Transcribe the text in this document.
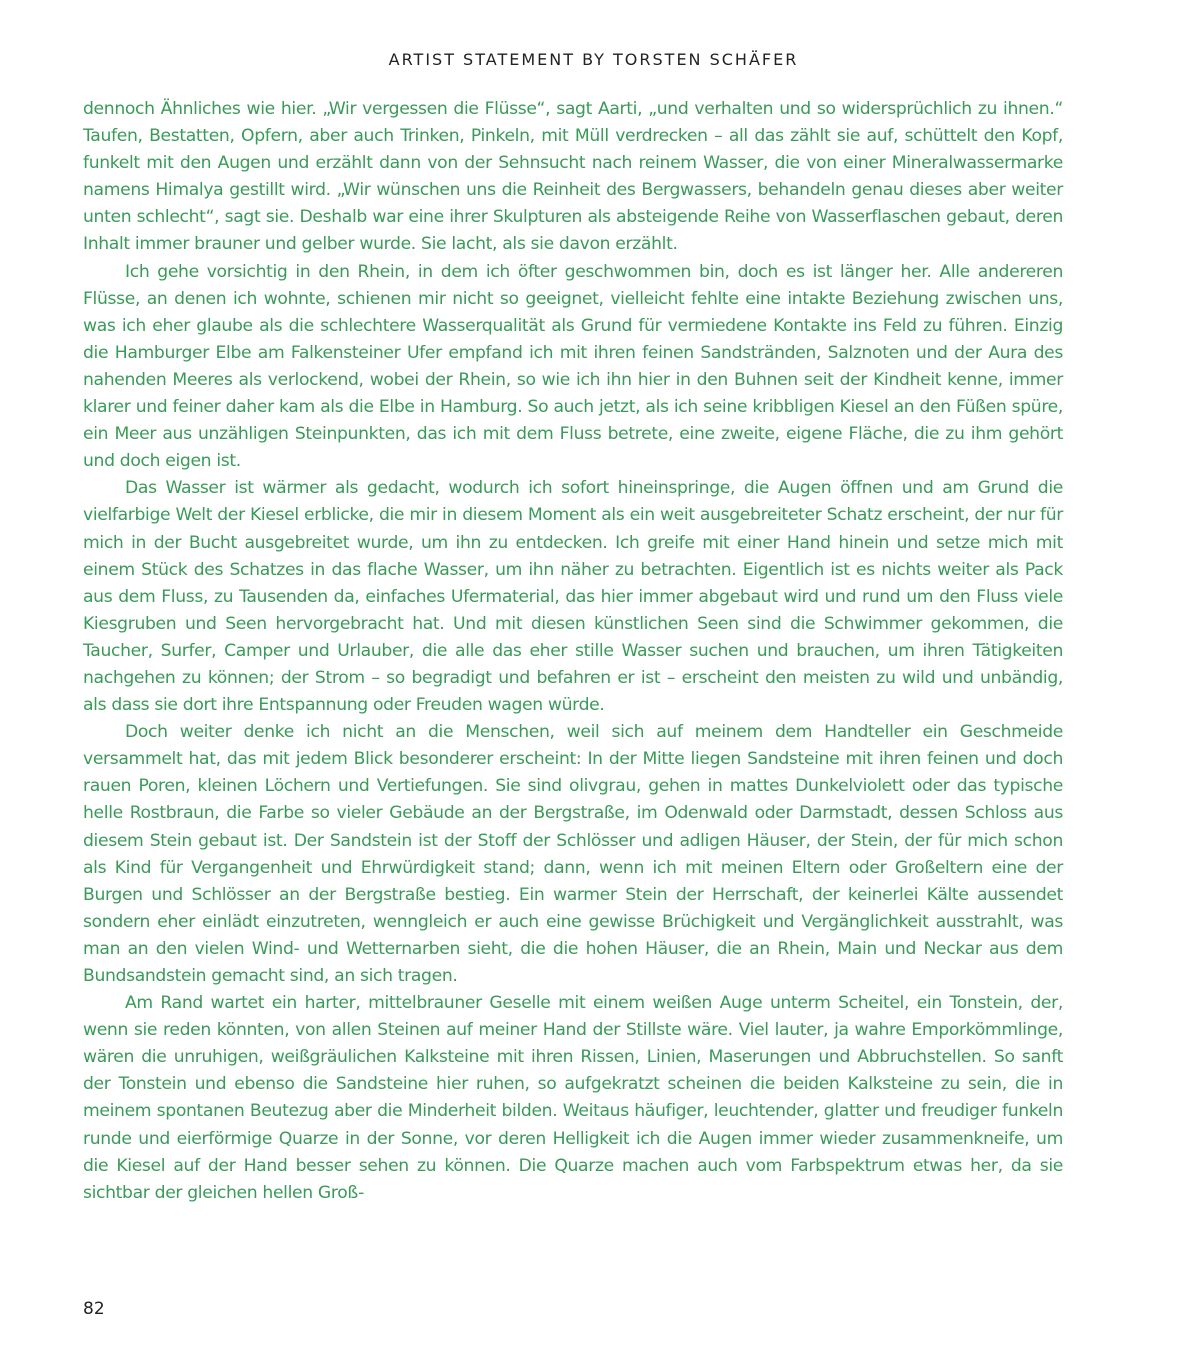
ARTIST STATEMENT BY TORSTEN SCHÄFER

dennoch Ähnliches wie hier. „Wir vergessen die Flüsse“, sagt Aarti, „und verhalten und so widersprüchlich zu ihnen.“ Taufen, Bestatten, Opfern, aber auch Trinken, Pinkeln, mit Müll verdrecken – all das zählt sie auf, schüttelt den Kopf, funkelt mit den Augen und erzählt dann von der Sehnsucht nach reinem Wasser, die von einer Mineralwassermarke namens Himalya gestillt wird. „Wir wünschen uns die Reinheit des Bergwassers, behandeln genau dieses aber weiter unten schlecht“, sagt sie. Deshalb war eine ihrer Skulpturen als absteigende Reihe von Wasserflaschen gebaut, deren Inhalt immer brauner und gelber wurde. Sie lacht, als sie davon erzählt.

Ich gehe vorsichtig in den Rhein, in dem ich öfter geschwommen bin, doch es ist länger her. Alle andereren Flüsse, an denen ich wohnte, schienen mir nicht so geeignet, vielleicht fehlte eine intakte Beziehung zwischen uns, was ich eher glaube als die schlechtere Wasserqualität als Grund für vermiedene Kontakte ins Feld zu führen. Einzig die Hamburger Elbe am Falkensteiner Ufer empfand ich mit ihren feinen Sandstränden, Salznoten und der Aura des nahenden Meeres als verlockend, wobei der Rhein, so wie ich ihn hier in den Buhnen seit der Kindheit kenne, immer klarer und feiner daher kam als die Elbe in Hamburg. So auch jetzt, als ich seine kribbligen Kiesel an den Füßen spüre, ein Meer aus unzähligen Steinpunkten, das ich mit dem Fluss betrete, eine zweite, eigene Fläche, die zu ihm gehört und doch eigen ist.

Das Wasser ist wärmer als gedacht, wodurch ich sofort hineinspringe, die Augen öffnen und am Grund die vielfarbige Welt der Kiesel erblicke, die mir in diesem Moment als ein weit ausgebreiteter Schatz erscheint, der nur für mich in der Bucht ausgebreitet wurde, um ihn zu entdecken. Ich greife mit einer Hand hinein und setze mich mit einem Stück des Schatzes in das flache Wasser, um ihn näher zu betrachten. Eigentlich ist es nichts weiter als Pack aus dem Fluss, zu Tausenden da, einfaches Ufermaterial, das hier immer abgebaut wird und rund um den Fluss viele Kiesgruben und Seen hervorgebracht hat. Und mit diesen künstlichen Seen sind die Schwimmer gekommen, die Taucher, Surfer, Camper und Urlauber, die alle das eher stille Wasser suchen und brauchen, um ihren Tätigkeiten nachgehen zu können; der Strom – so begradigt und befahren er ist – erscheint den meisten zu wild und unbändig, als dass sie dort ihre Entspannung oder Freuden wagen würde.

Doch weiter denke ich nicht an die Menschen, weil sich auf meinem dem Handteller ein Geschmeide versammelt hat, das mit jedem Blick besonderer erscheint: In der Mitte liegen Sandsteine mit ihren feinen und doch rauen Poren, kleinen Löchern und Vertiefungen. Sie sind olivgrau, gehen in mattes Dunkelviolett oder das typische helle Rostbraun, die Farbe so vieler Gebäude an der Bergstraße, im Odenwald oder Darmstadt, dessen Schloss aus diesem Stein gebaut ist. Der Sandstein ist der Stoff der Schlösser und adligen Häuser, der Stein, der für mich schon als Kind für Vergangenheit und Ehrwürdigkeit stand; dann, wenn ich mit meinen Eltern oder Großeltern eine der Burgen und Schlösser an der Bergstraße bestieg. Ein warmer Stein der Herrschaft, der keinerlei Kälte aussendet sondern eher einlädt einzutreten, wenngleich er auch eine gewisse Brüchigkeit und Vergänglichkeit ausstrahlt, was man an den vielen Wind- und Wetternarben sieht, die die hohen Häuser, die an Rhein, Main und Neckar aus dem Bundsandstein gemacht sind, an sich tragen.

Am Rand wartet ein harter, mittelbrauner Geselle mit einem weißen Auge unterm Scheitel, ein Tonstein, der, wenn sie reden könnten, von allen Steinen auf meiner Hand der Stillste wäre. Viel lauter, ja wahre Emporkömmlinge, wären die unruhigen, weißgräulichen Kalksteine mit ihren Rissen, Linien, Maserungen und Abbruchstellen. So sanft der Tonstein und ebenso die Sandsteine hier ruhen, so aufgekratzt scheinen die beiden Kalksteine zu sein, die in meinem spontanen Beutezug aber die Minderheit bilden. Weitaus häufiger, leuchtender, glatter und freudiger funkeln runde und eierförmige Quarze in der Sonne, vor deren Helligkeit ich die Augen immer wieder zusammenkneife, um die Kiesel auf der Hand besser sehen zu können. Die Quarze machen auch vom Farbspektrum etwas her, da sie sichtbar der gleichen hellen Groß-

82
